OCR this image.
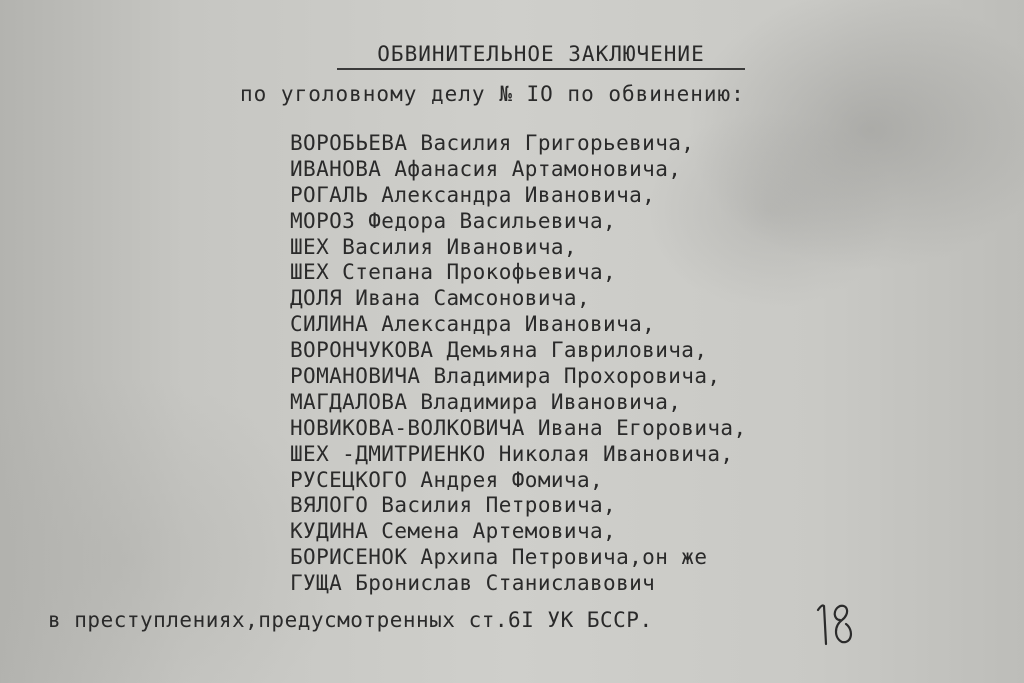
ОБВИНИТЕЛЬНОЕ ЗАКЛЮЧЕНИЕ
по уголовному делу № IO по обвинению:
ВОРОБЬЕВА Василия Григорьевича,
ИВАНОВА Афанасия Артамоновича,
РОГАЛЬ Александра Ивановича,
МОРОЗ Федора Васильевича,
ШЕХ Василия Ивановича,
ШЕХ Степана Прокофьевича,
ДОЛЯ Ивана Самсоновича,
СИЛИНА Александра Ивановича,
ВОРОНЧУКОВА Демьяна Гавриловича,
РОМАНОВИЧА Владимира Прохоровича,
МАГДАЛОВА Владимира Ивановича,
НОВИКОВА-ВОЛКОВИЧА Ивана Егоровича,
ШЕХ -ДМИТРИЕНКО Николая Ивановича,
РУСЕЦКОГО Андрея Фомича,
ВЯЛОГО Василия Петровича,
КУДИНА Семена Артемовича,
БОРИСЕНОК Архипа Петровича,он же
ГУЩА Бронислав Станиславович
в преступлениях,предусмотренных ст.6I УК БССР.
